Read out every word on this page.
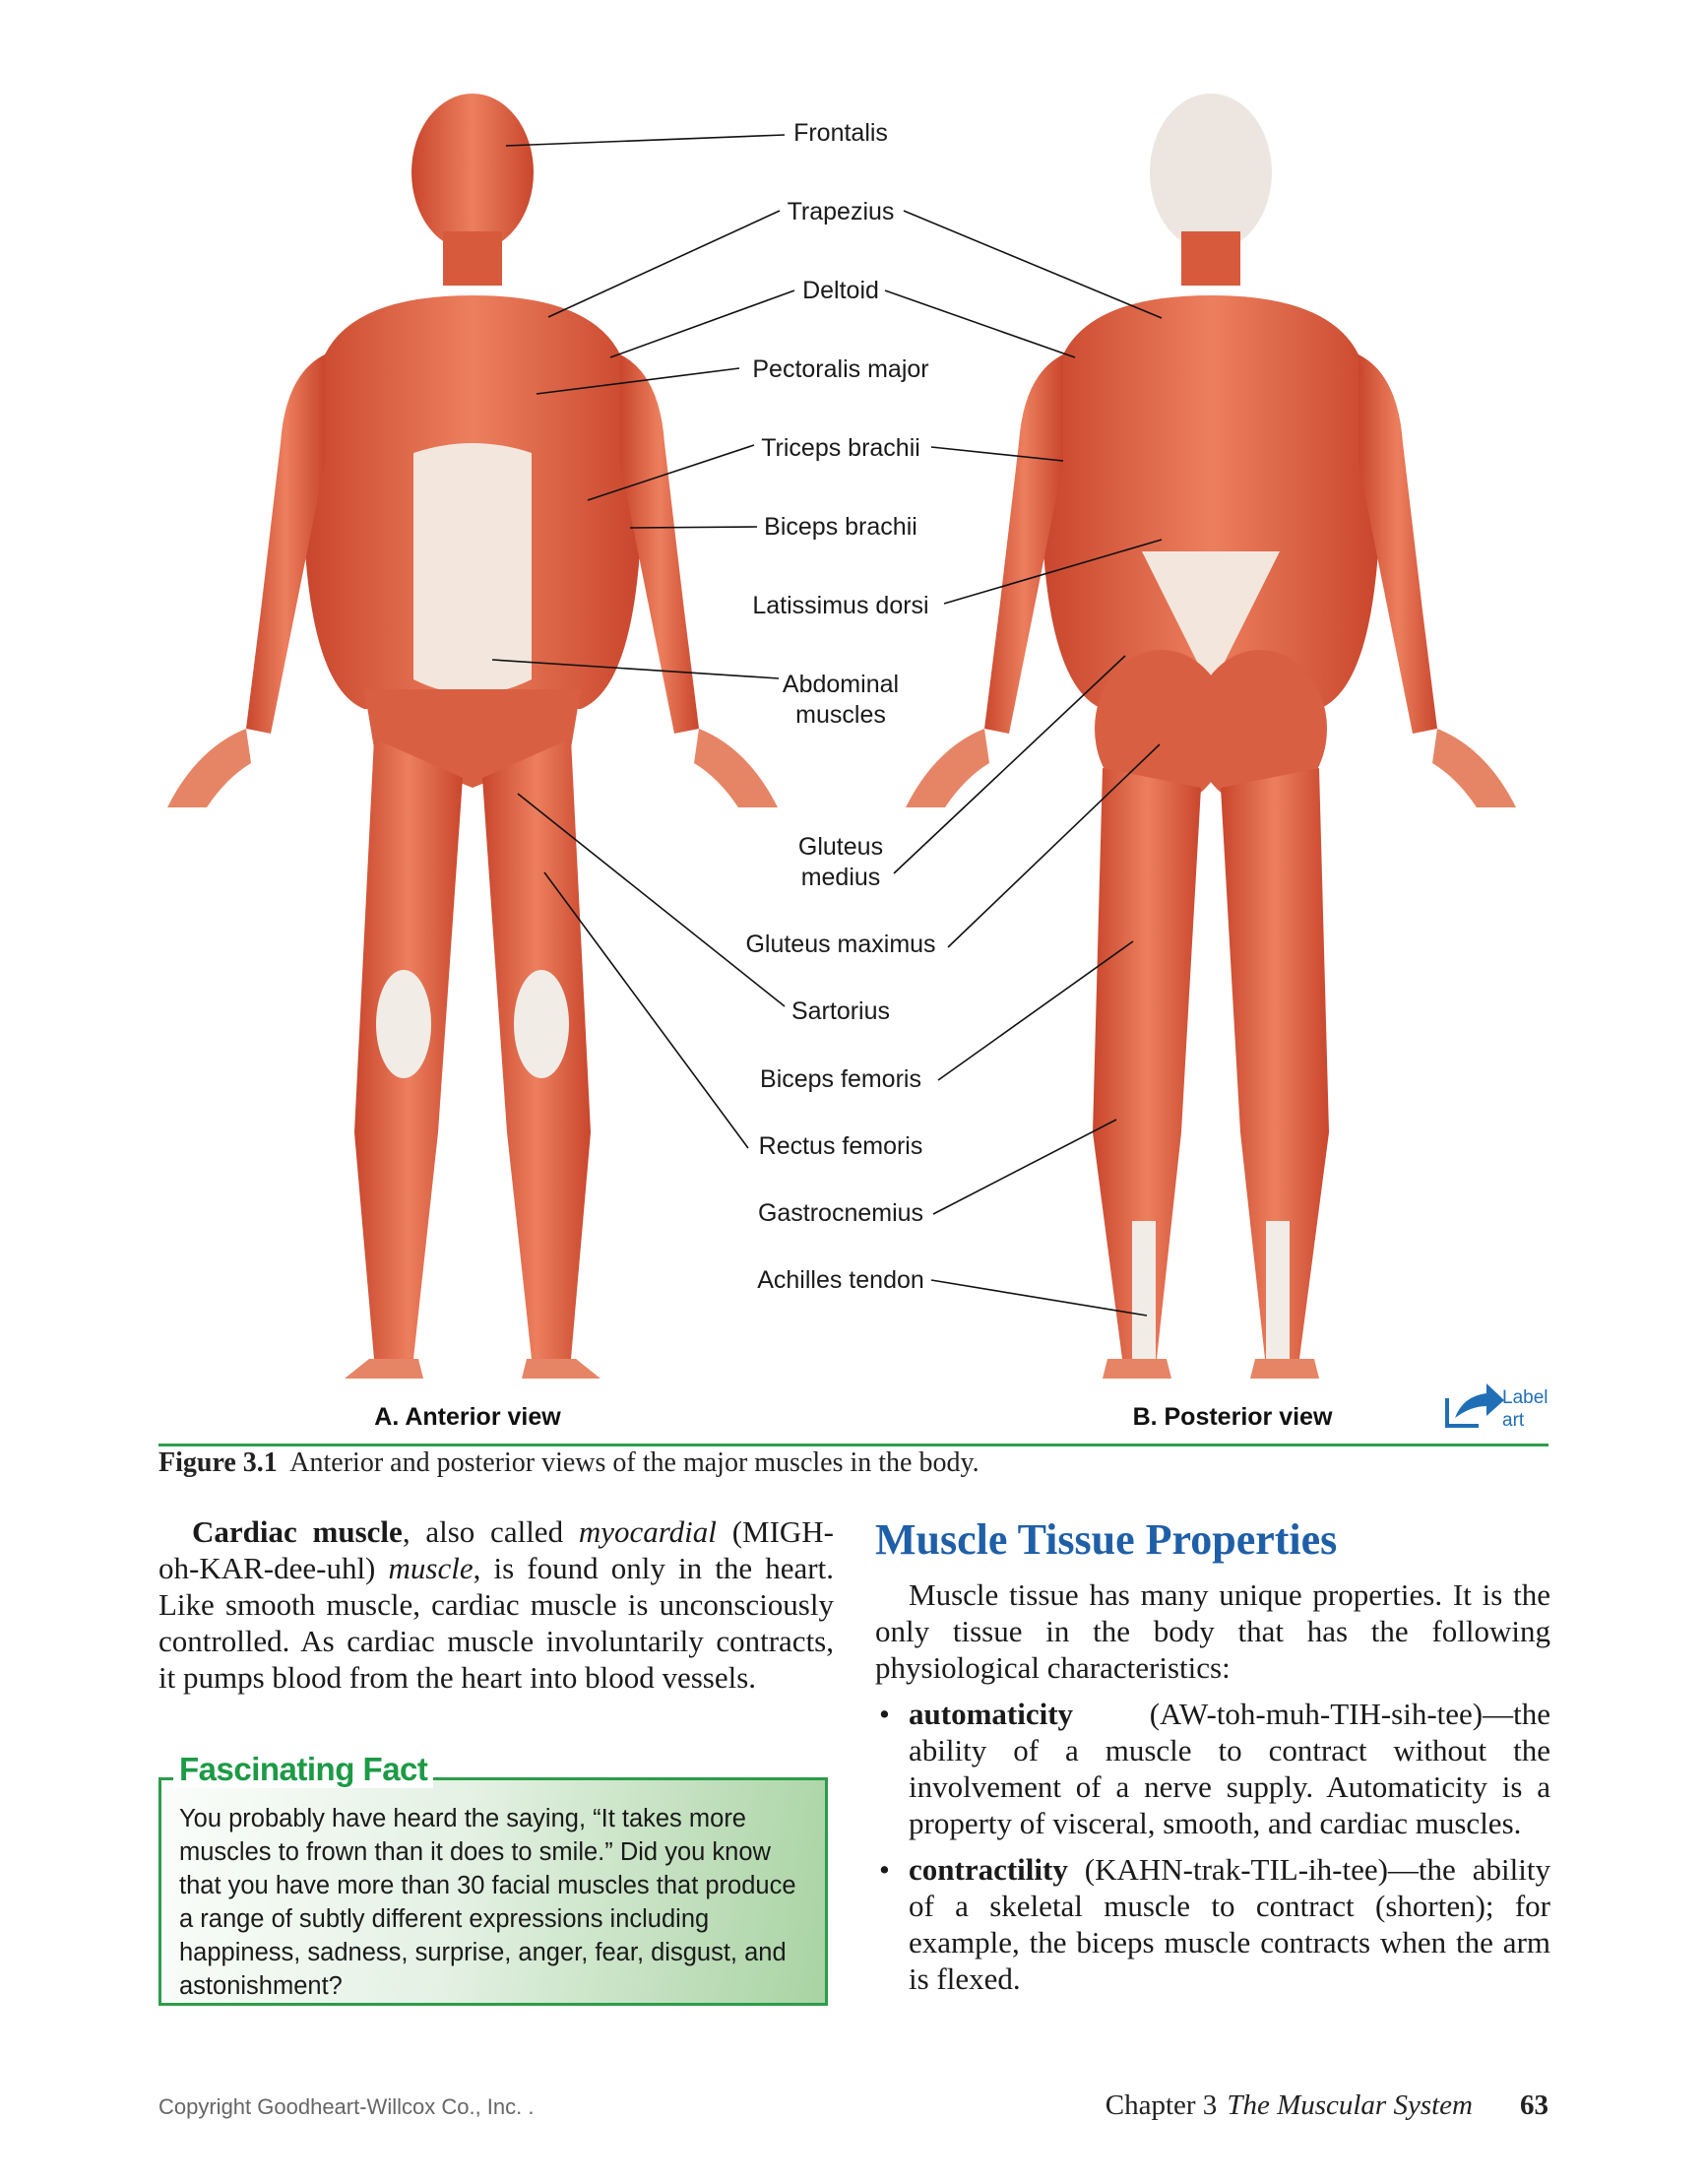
Frontalis
Trapezius
Deltoid
Pectoralis major
Triceps brachii
Biceps brachii
Latissimus dorsi
Abdominal
muscles
Gluteus
medius
Gluteus maximus
Sartorius
Biceps femoris
Rectus femoris
Gastrocnemius
Achilles tendon
A. Anterior view	B. Posterior view
Label
art
Figure 3.1 Anterior and posterior views of the major muscles in the body.

Cardiac muscle, also called myocardial (MIGH-oh-KAR-dee-uhl) muscle, is found only in the heart. Like smooth muscle, cardiac muscle is unconsciously controlled. As cardiac muscle involuntarily contracts, it pumps blood from the heart into blood vessels.

You probably have heard the saying, “It takes more muscles to frown than it does to smile.” Did you know that you have more than 30 facial muscles that produce a range of subtly different expressions including happiness, sadness, surprise, anger, fear, disgust, and astonishment?
Fascinating Fact
Muscle Tissue Properties

Muscle tissue has many unique properties. It is the only tissue in the body that has the following physiological characteristics:

• automaticity (AW-toh-muh-TIH-sih-tee)—the ability of a muscle to contract without the involvement of a nerve supply. Automaticity is a property of visceral, smooth, and cardiac muscles.
• contractility (KAHN-trak-TIL-ih-tee)—the ability of a skeletal muscle to contract (shorten); for example, the biceps muscle contracts when the arm is flexed.
Copyright Goodheart-Willcox Co., Inc. .	Chapter 3 The Muscular System 63
